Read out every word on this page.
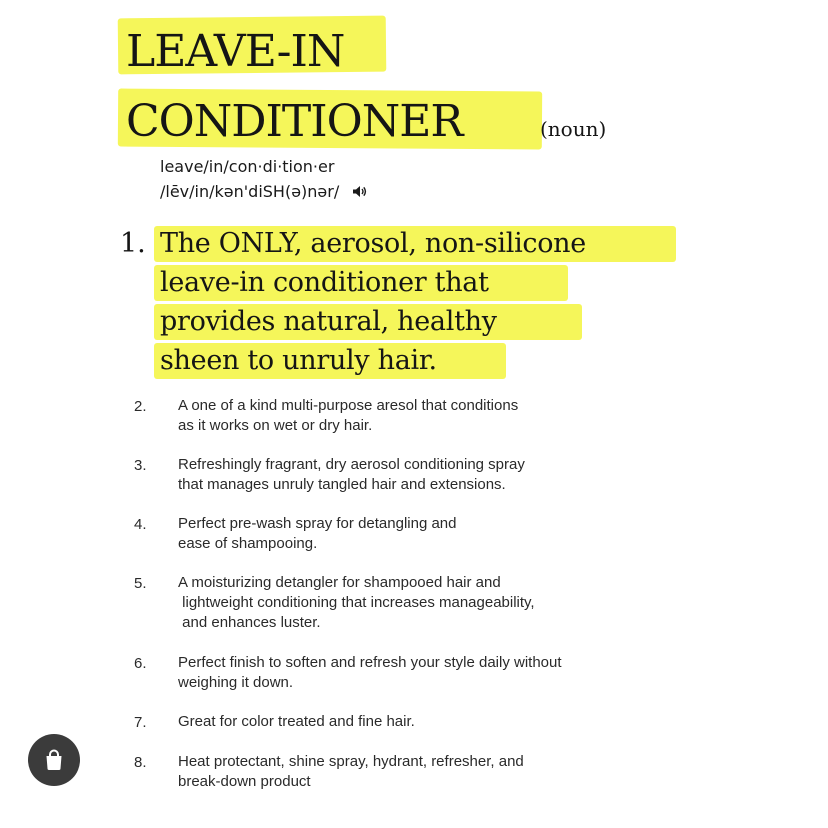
LEAVE-IN
CONDITIONER	(noun)
leave/in/con·di·tion·er
/lēv/in/kən'diSH(ə)nər/
1. The ONLY, aerosol, non-silicone
leave-in conditioner that
provides natural, healthy
sheen to unruly hair.
2. A one of a kind multi-purpose aresol that conditions
as it works on wet or dry hair.
3. Refreshingly fragrant, dry aerosol conditioning spray
that manages unruly tangled hair and extensions.
4. Perfect pre-wash spray for detangling and
ease of shampooing.
5. A moisturizing detangler for shampooed hair and
lightweight conditioning that increases manageability,
and enhances luster.
6. Perfect finish to soften and refresh your style daily without
weighing it down.
7. Great for color treated and fine hair.
8. Heat protectant, shine spray, hydrant, refresher, and
break-down product
